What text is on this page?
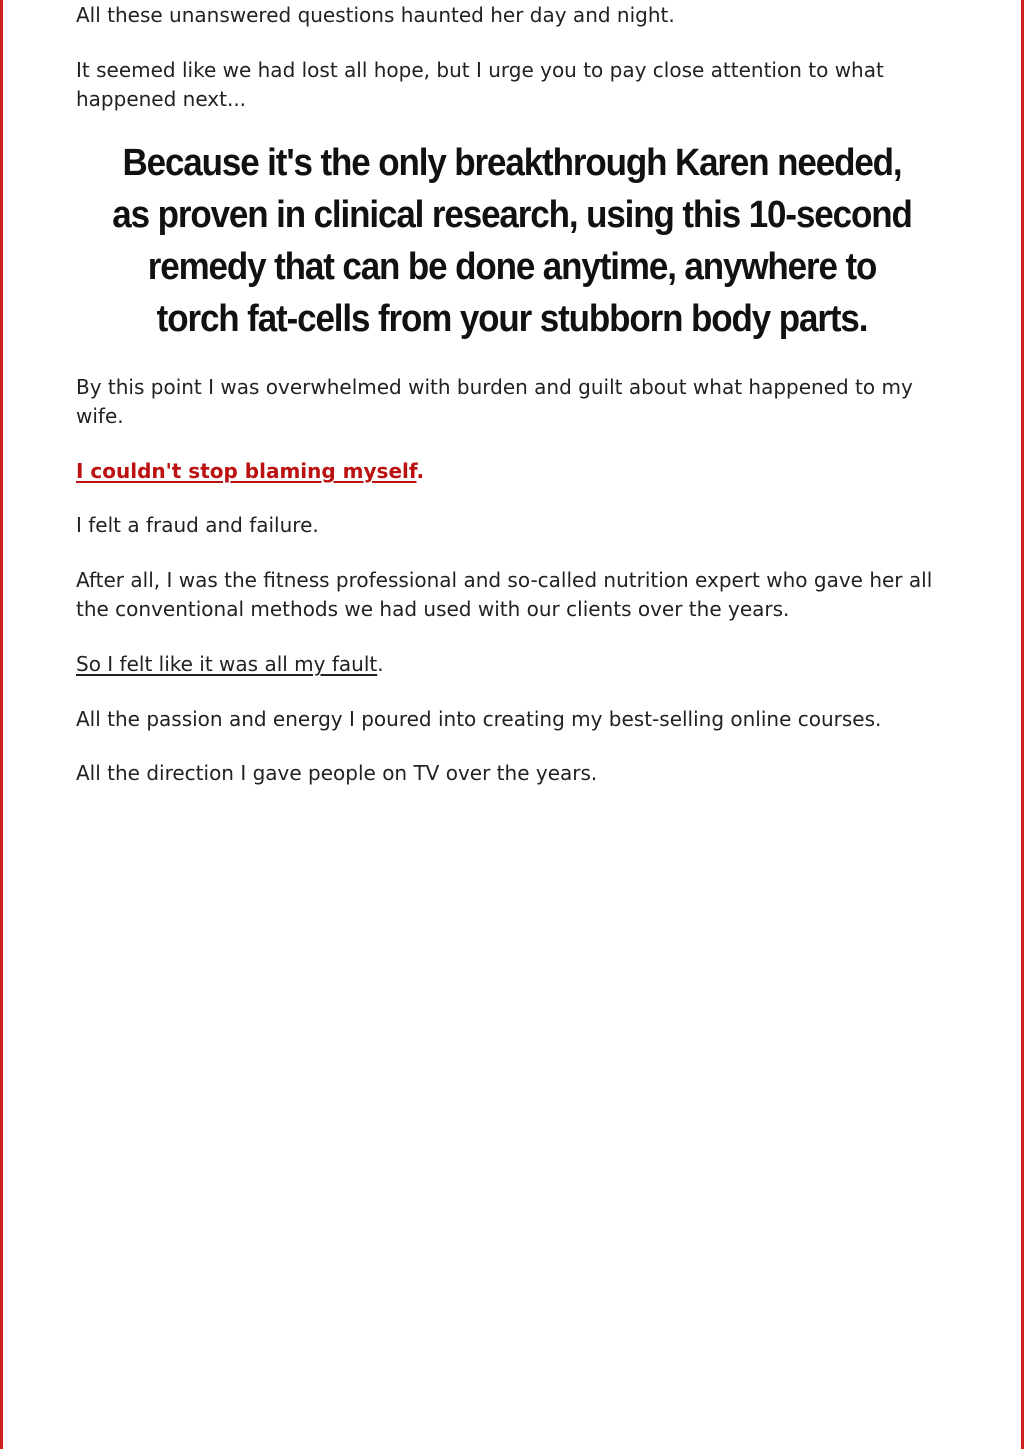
All these unanswered questions haunted her day and night.

It seemed like we had lost all hope, but I urge you to pay close attention to what happened next...

Because it's the only breakthrough Karen needed, as proven in clinical research, using this 10-second remedy that can be done anytime, anywhere to torch fat-cells from your stubborn body parts.

By this point I was overwhelmed with burden and guilt about what happened to my wife.

I couldn't stop blaming myself.

I felt a fraud and failure.

After all, I was the fitness professional and so-called nutrition expert who gave her all the conventional methods we had used with our clients over the years.

So I felt like it was all my fault.

All the passion and energy I poured into creating my best-selling online courses.

All the direction I gave people on TV over the years.
